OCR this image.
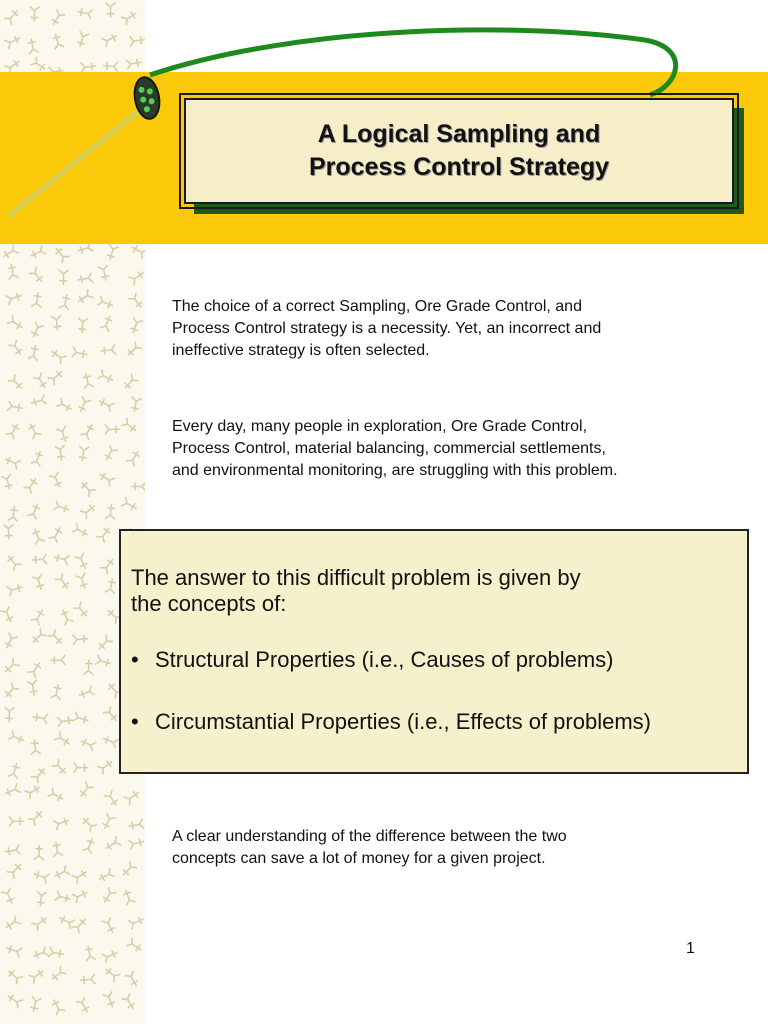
A Logical Sampling and
Process Control Strategy
The choice of a correct Sampling, Ore Grade Control, and
Process Control strategy is a necessity. Yet, an incorrect and
ineffective strategy is often selected.
Every day, many people in exploration, Ore Grade Control,
Process Control, material balancing, commercial settlements,
and environmental monitoring, are struggling with this problem.
The answer to this difficult problem is given by
the concepts of:
• Structural Properties (i.e., Causes of problems)
• Circumstantial Properties (i.e., Effects of problems)
A clear understanding of the difference between the two
concepts can save a lot of money for a given project.
1
